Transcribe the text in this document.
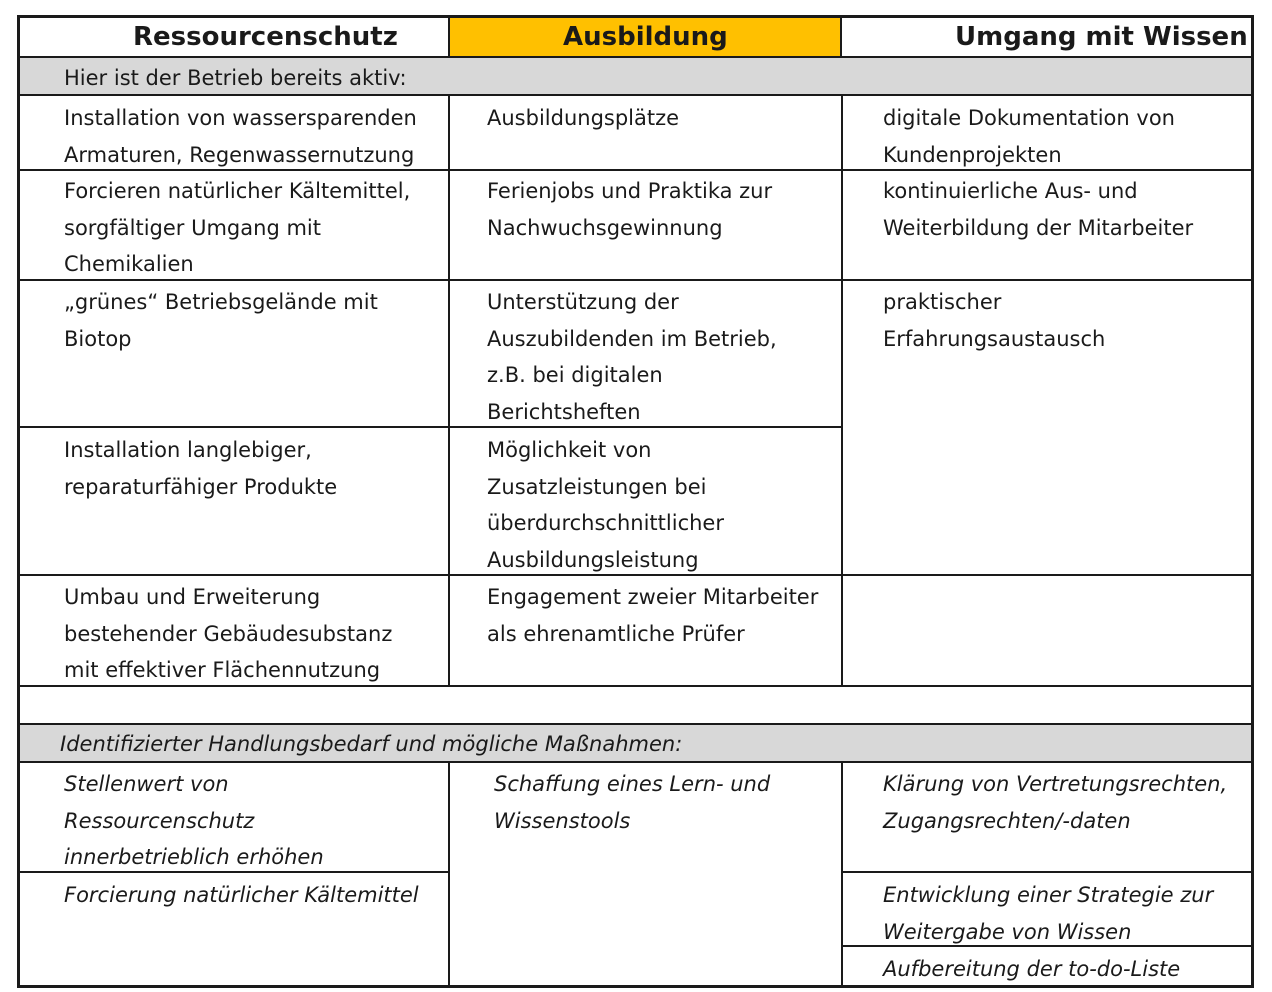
Ressourcenschutz	Ausbildung	Umgang mit Wissen
Hier ist der Betrieb bereits aktiv:
Identifizierter Handlungsbedarf und mögliche Maßnahmen:
Installation von wassersparenden
Armaturen, Regenwassernutzung
Forcieren natürlicher Kältemittel,
sorgfältiger Umgang mit
Chemikalien
„grünes“ Betriebsgelände mit
Biotop
Installation langlebiger,
reparaturfähiger Produkte
Umbau und Erweiterung
bestehender Gebäudesubstanz
mit effektiver Flächennutzung
Ausbildungsplätze
Ferienjobs und Praktika zur
Nachwuchsgewinnung
Unterstützung der
Auszubildenden im Betrieb,
z.B. bei digitalen
Berichtsheften
Möglichkeit von
Zusatzleistungen bei
überdurchschnittlicher
Ausbildungsleistung
Engagement zweier Mitarbeiter
als ehrenamtliche Prüfer
digitale Dokumentation von
Kundenprojekten
kontinuierliche Aus- und
Weiterbildung der Mitarbeiter
praktischer
Erfahrungsaustausch
Stellenwert von
Ressourcenschutz
innerbetrieblich erhöhen
Forcierung natürlicher Kältemittel
Schaffung eines Lern- und
Wissenstools
Klärung von Vertretungsrechten,
Zugangsrechten/-daten
Entwicklung einer Strategie zur
Weitergabe von Wissen
Aufbereitung der to-do-Liste
